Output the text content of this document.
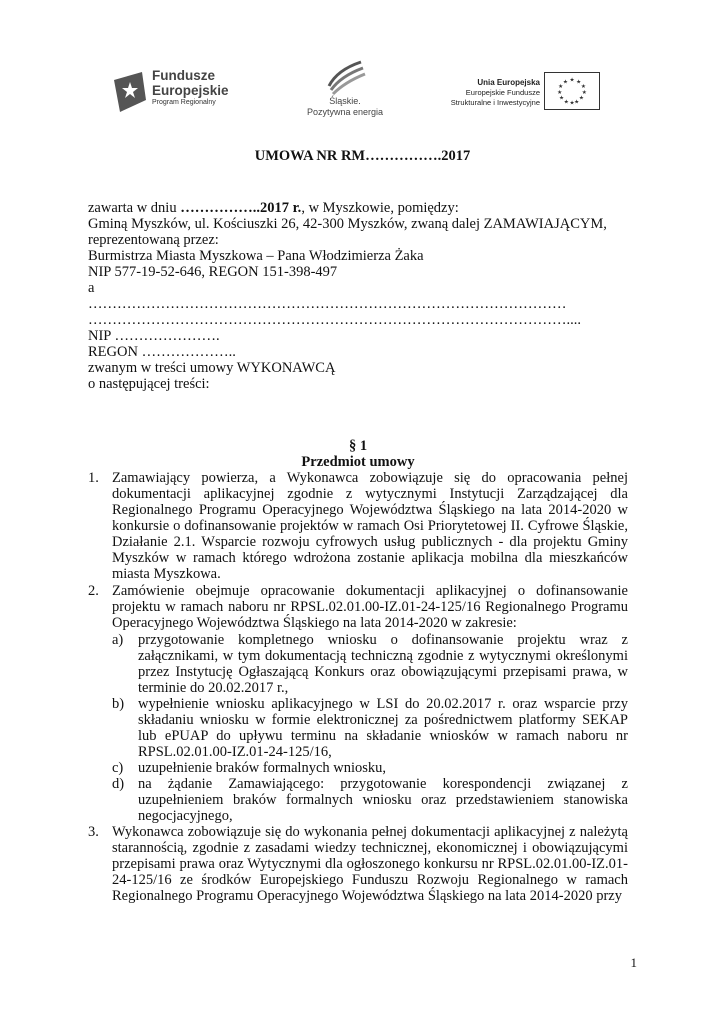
Fundusze
Europejskie
Program Regionalny	Śląskie.
Pozytywna energia
Unia Europejska
Europejskie Fundusze
Strukturalne i Inwestycyjne
★ ★
★
★
★
★
★
★
★
★
★
★
UMOWA NR RM…………….2017
zawarta w dniu ……………..2017 r., w Myszkowie, pomiędzy:
Gminą Myszków, ul. Kościuszki 26, 42-300 Myszków, zwaną dalej ZAMAWIAJĄCYM,
reprezentowaną przez:
Burmistrza Miasta Myszkowa – Pana Włodzimierza Żaka
NIP 577-19-52-646, REGON 151-398-497
a
………………………………………………………………………………………
………………………………………………………………………………………....
NIP ………………….
REGON ………………..
zwanym w treści umowy WYKONAWCĄ
o następującej treści:
§ 1
Przedmiot umowy
1. Zamawiający powierza, a Wykonawca zobowiązuje się do opracowania pełnej dokumentacji aplikacyjnej zgodnie z wytycznymi Instytucji Zarządzającej dla Regionalnego Programu Operacyjnego Województwa Śląskiego na lata 2014-2020 w konkursie o dofinansowanie projektów w ramach Osi Priorytetowej II. Cyfrowe Śląskie, Działanie 2.1. Wsparcie rozwoju cyfrowych usług publicznych - dla projektu Gminy Myszków w ramach którego wdrożona zostanie aplikacja mobilna dla mieszkańców miasta Myszkowa.
2. Zamówienie obejmuje opracowanie dokumentacji aplikacyjnej o dofinansowanie projektu w ramach naboru nr RPSL.02.01.00-IZ.01-24-125/16 Regionalnego Programu Operacyjnego Województwa Śląskiego na lata 2014-2020 w zakresie:
a) przygotowanie kompletnego wniosku o dofinansowanie projektu wraz z załącznikami, w tym dokumentacją techniczną zgodnie z wytycznymi określonymi przez Instytucję Ogłaszającą Konkurs oraz obowiązującymi przepisami prawa, w terminie do 20.02.2017 r.,
b) wypełnienie wniosku aplikacyjnego w LSI do 20.02.2017 r. oraz wsparcie przy składaniu wniosku w formie elektronicznej za pośrednictwem platformy SEKAP lub ePUAP do upływu terminu na składanie wniosków w ramach naboru nr RPSL.02.01.00-IZ.01-24-125/16,
c) uzupełnienie braków formalnych wniosku,
d) na żądanie Zamawiającego: przygotowanie korespondencji związanej z uzupełnieniem braków formalnych wniosku oraz przedstawieniem stanowiska negocjacyjnego,
3. Wykonawca zobowiązuje się do wykonania pełnej dokumentacji aplikacyjnej z należytą starannością, zgodnie z zasadami wiedzy technicznej, ekonomicznej i obowiązującymi przepisami prawa oraz Wytycznymi dla ogłoszonego konkursu nr RPSL.02.01.00-IZ.01-24-125/16 ze środków Europejskiego Funduszu Rozwoju Regionalnego w ramach Regionalnego Programu Operacyjnego Województwa Śląskiego na lata 2014-2020 przy
1
